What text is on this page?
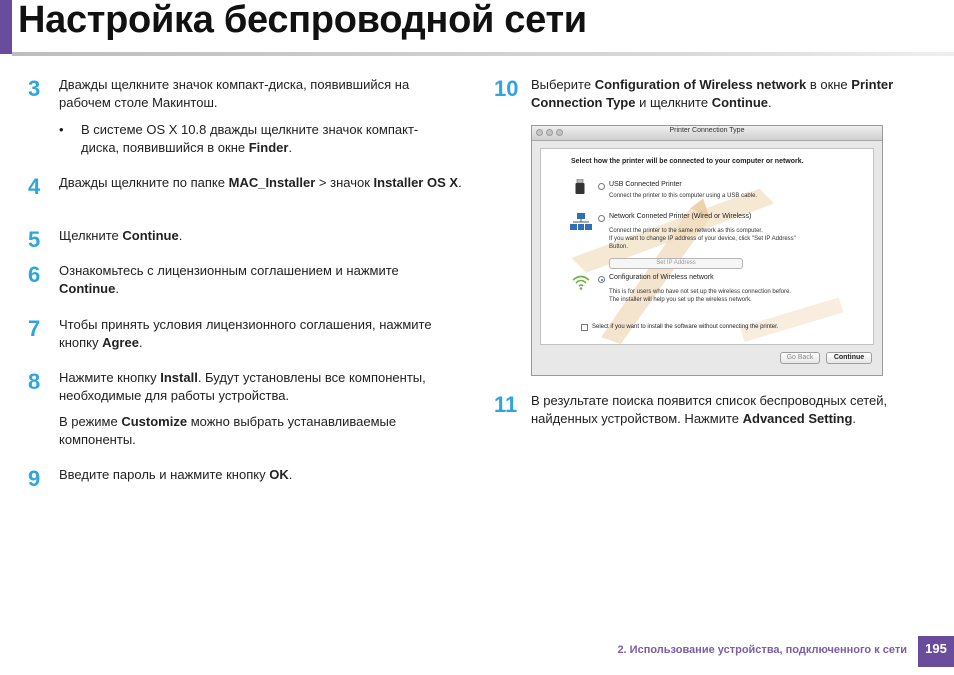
Настройка беспроводной сети
3 Дважды щелкните значок компакт-диска, появившийся на рабочем столе Макинтош.
• В системе OS X 10.8 дважды щелкните значок компакт-диска, появившийся в окне Finder.
4 Дважды щелкните по папке MAC_Installer > значок Installer OS X.
5 Щелкните Continue.
6 Ознакомьтесь с лицензионным соглашением и нажмите Continue.
7 Чтобы принять условия лицензионного соглашения, нажмите кнопку Agree.
8 Нажмите кнопку Install. Будут установлены все компоненты, необходимые для работы устройства.
В режиме Customize можно выбрать устанавливаемые компоненты.
9 Введите пароль и нажмите кнопку OK.
10 Выберите Configuration of Wireless network в окне Printer Connection Type и щелкните Continue.
Printer Connection Type
Select how the printer will be connected to your computer or network.
USB Connected Printer
Connect the printer to this computer using a USB cable.
Network Conneted Printer (Wired or Wireless)
Connect the printer to the same network as this computer.
If you want to change IP address of your device, click "Set IP Address"
Button.
Set IP Address
Configuration of Wireless network
This is for users who have not set up the wireless connection before.
The installer will help you set up the wireless network.
Select if you want to install the software without connecting the printer.
Go Back	Continue
11 В результате поиска появится список беспроводных сетей, найденных устройством. Нажмите Advanced Setting.
2. Использование устройства, подключенного к сети	195
